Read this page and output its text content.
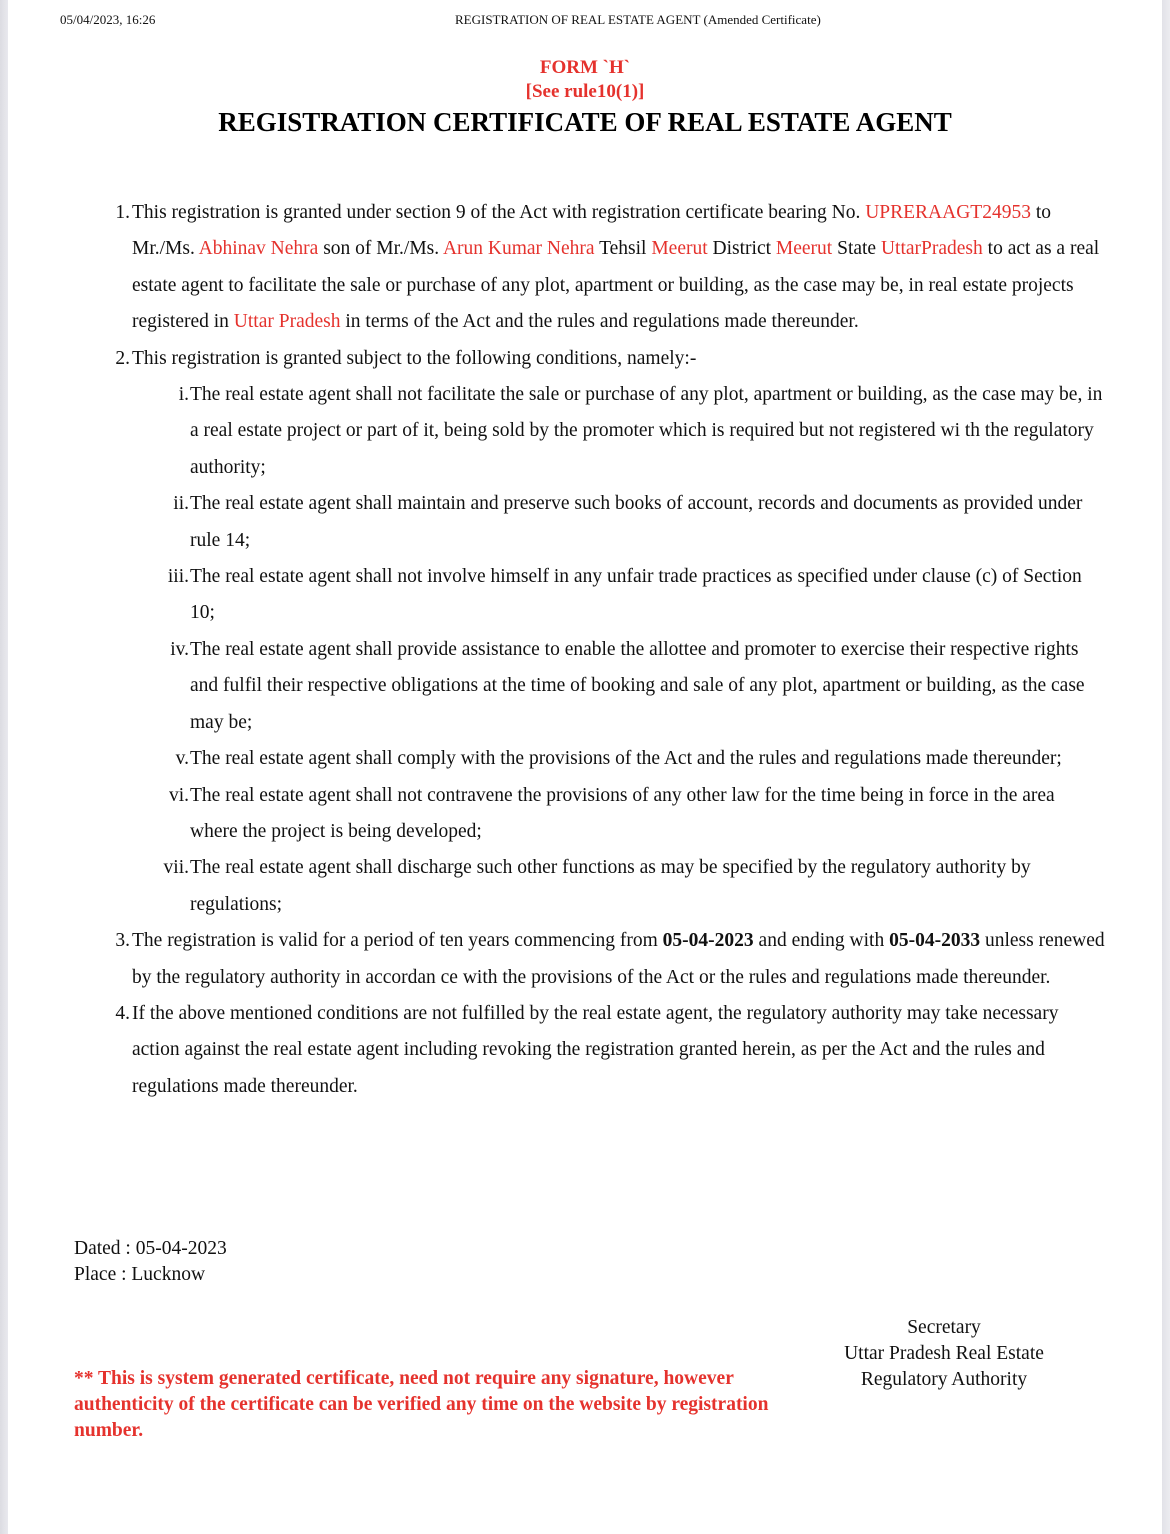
05/04/2023, 16:26	REGISTRATION OF REAL ESTATE AGENT (Amended Certificate)
FORM `H`
[See rule10(1)]
REGISTRATION CERTIFICATE OF REAL ESTATE AGENT
1. This registration is granted under section 9 of the Act with registration certificate bearing No. UPRERAAGT24953 to Mr./Ms. Abhinav Nehra son of Mr./Ms. Arun Kumar Nehra Tehsil Meerut District Meerut State UttarPradesh to act as a real estate agent to facilitate the sale or purchase of any plot, apartment or building, as the case may be, in real estate projects registered in Uttar Pradesh in terms of the Act and the rules and regulations made thereunder.
2. This registration is granted subject to the following conditions, namely:-
i. The real estate agent shall not facilitate the sale or purchase of any plot, apartment or building, as the case may be, in a real estate project or part of it, being sold by the promoter which is required but not registered wi th the regulatory authority;
ii. The real estate agent shall maintain and preserve such books of account, records and documents as provided under rule 14;
iii. The real estate agent shall not involve himself in any unfair trade practices as specified under clause (c) of Section 10;
iv. The real estate agent shall provide assistance to enable the allottee and promoter to exercise their respective rights and fulfil their respective obligations at the time of booking and sale of any plot, apartment or building, as the case may be;
v. The real estate agent shall comply with the provisions of the Act and the rules and regulations made thereunder;
vi. The real estate agent shall not contravene the provisions of any other law for the time being in force in the area where the project is being developed;
vii. The real estate agent shall discharge such other functions as may be specified by the regulatory authority by regulations;
3. The registration is valid for a period of ten years commencing from 05-04-2023 and ending with 05-04-2033 unless renewed by the regulatory authority in accordan ce with the provisions of the Act or the rules and regulations made thereunder.
4. If the above mentioned conditions are not fulfilled by the real estate agent, the regulatory authority may take necessary action against the real estate agent including revoking the registration granted herein, as per the Act and the rules and regulations made thereunder.
Dated : 05-04-2023
Place : Lucknow
Secretary
Uttar Pradesh Real Estate
Regulatory Authority
** This is system generated certificate, need not require any signature, however authenticity of the certificate can be verified any time on the website by registration number.
